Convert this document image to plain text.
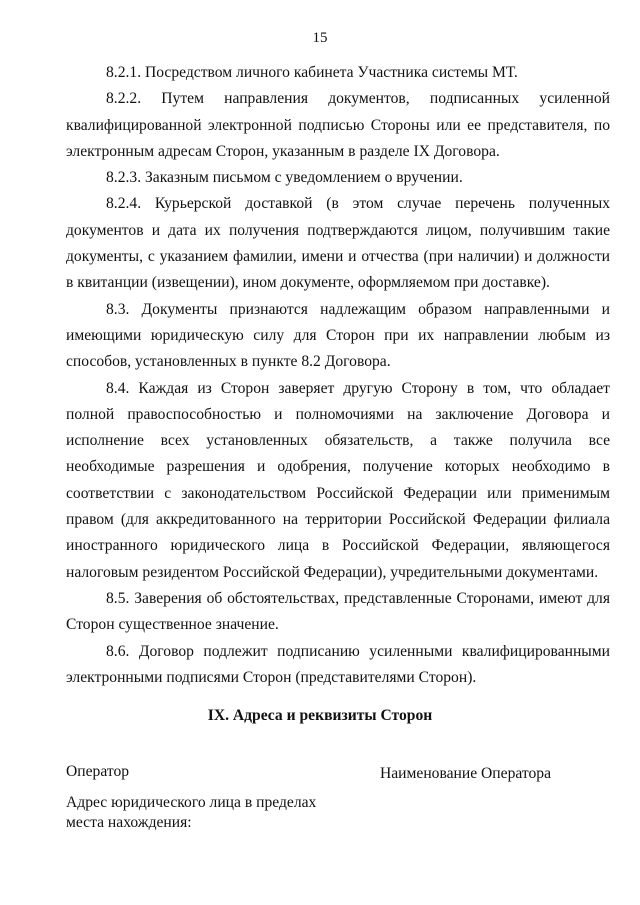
15

8.2.1. Посредством личного кабинета Участника системы МТ.

8.2.2. Путем направления документов, подписанных усиленной квалифицированной электронной подписью Стороны или ее представителя, по электронным адресам Сторон, указанным в разделе IX Договора.

8.2.3. Заказным письмом с уведомлением о вручении.

8.2.4. Курьерской доставкой (в этом случае перечень полученных документов и дата их получения подтверждаются лицом, получившим такие документы, с указанием фамилии, имени и отчества (при наличии) и должности в квитанции (извещении), ином документе, оформляемом при доставке).

8.3. Документы признаются надлежащим образом направленными и имеющими юридическую силу для Сторон при их направлении любым из способов, установленных в пункте 8.2 Договора.

8.4. Каждая из Сторон заверяет другую Сторону в том, что обладает полной правоспособностью и полномочиями на заключение Договора и исполнение всех установленных обязательств, а также получила все необходимые разрешения и одобрения, получение которых необходимо в соответствии с законодательством Российской Федерации или применимым правом (для аккредитованного на территории Российской Федерации филиала иностранного юридического лица в Российской Федерации, являющегося налоговым резидентом Российской Федерации), учредительными документами.

8.5. Заверения об обстоятельствах, представленные Сторонами, имеют для Сторон существенное значение.

8.6. Договор подлежит подписанию усиленными квалифицированными электронными подписями Сторон (представителями Сторон).

IX. Адреса и реквизиты Сторон
Оператор	Наименование Оператора
Адрес юридического лица в пределах места нахождения:
